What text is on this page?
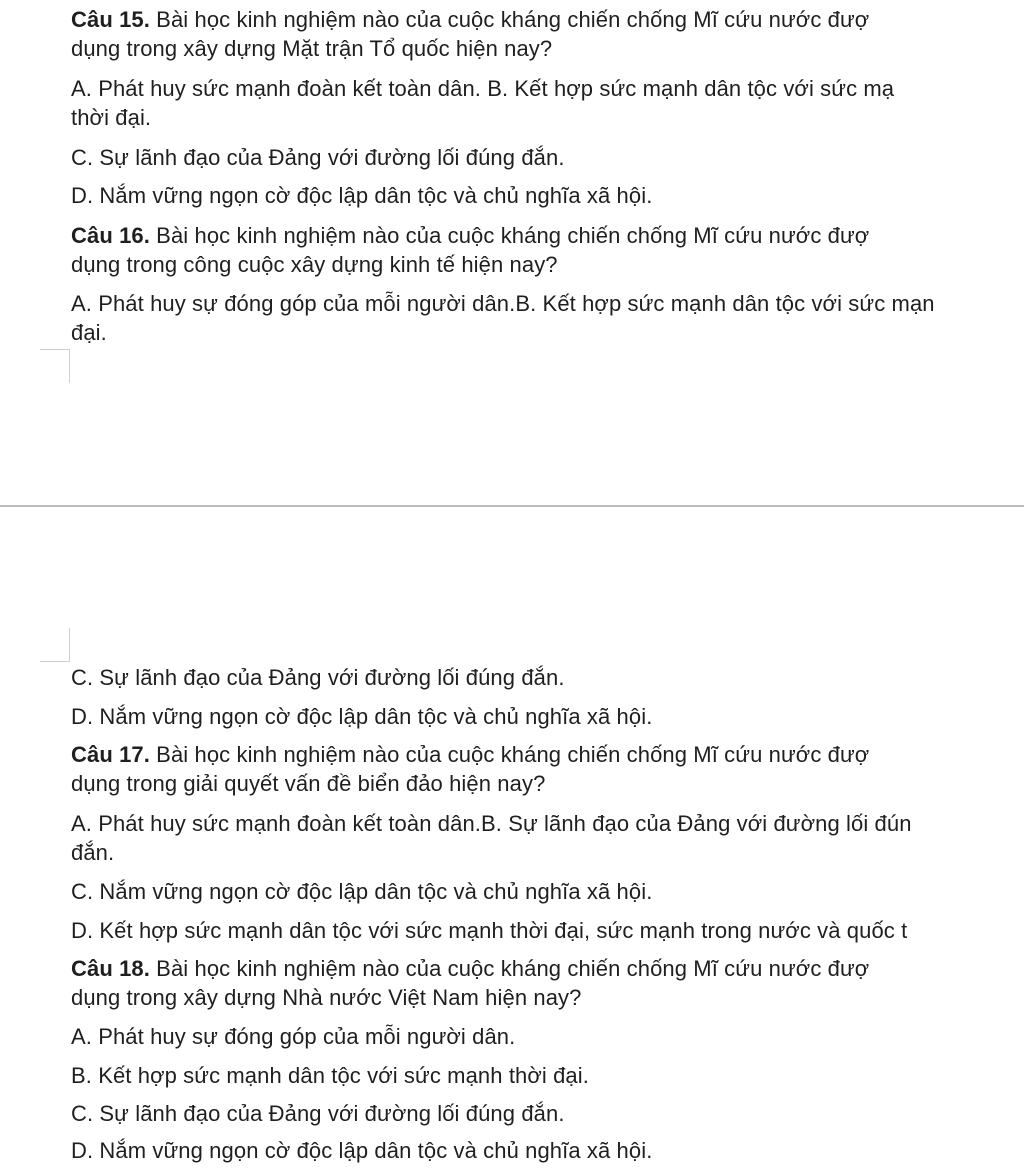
Câu 15. Bài học kinh nghiệm nào của cuộc kháng chiến chống Mĩ cứu nước đượ
dụng trong xây dựng Mặt trận Tổ quốc hiện nay?
A. Phát huy sức mạnh đoàn kết toàn dân. B. Kết hợp sức mạnh dân tộc với sức mạ
thời đại.
C. Sự lãnh đạo của Đảng với đường lối đúng đắn.
D. Nắm vững ngọn cờ độc lập dân tộc và chủ nghĩa xã hội.
Câu 16. Bài học kinh nghiệm nào của cuộc kháng chiến chống Mĩ cứu nước đượ
dụng trong công cuộc xây dựng kinh tế hiện nay?
A. Phát huy sự đóng góp của mỗi người dân.B. Kết hợp sức mạnh dân tộc với sức mạn
đại.
C. Sự lãnh đạo của Đảng với đường lối đúng đắn.
D. Nắm vững ngọn cờ độc lập dân tộc và chủ nghĩa xã hội.
Câu 17. Bài học kinh nghiệm nào của cuộc kháng chiến chống Mĩ cứu nước đượ
dụng trong giải quyết vấn đề biển đảo hiện nay?
A. Phát huy sức mạnh đoàn kết toàn dân.B. Sự lãnh đạo của Đảng với đường lối đún
đắn.
C. Nắm vững ngọn cờ độc lập dân tộc và chủ nghĩa xã hội.
D. Kết hợp sức mạnh dân tộc với sức mạnh thời đại, sức mạnh trong nước và quốc t
Câu 18. Bài học kinh nghiệm nào của cuộc kháng chiến chống Mĩ cứu nước đượ
dụng trong xây dựng Nhà nước Việt Nam hiện nay?
A. Phát huy sự đóng góp của mỗi người dân.
B. Kết hợp sức mạnh dân tộc với sức mạnh thời đại.
C. Sự lãnh đạo của Đảng với đường lối đúng đắn.
D. Nắm vững ngọn cờ độc lập dân tộc và chủ nghĩa xã hội.
